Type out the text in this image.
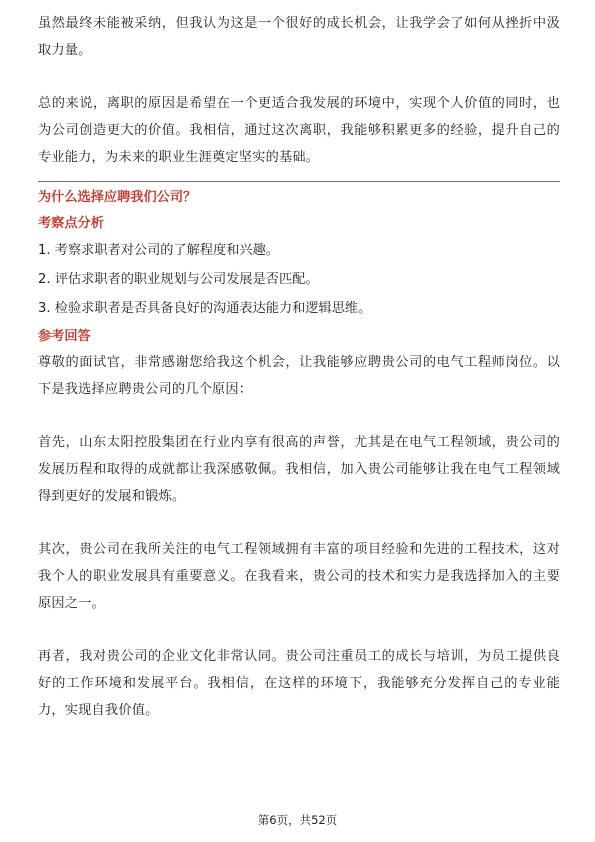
虽然最终未能被采纳，但我认为这是一个很好的成长机会，让我学会了如何从挫折中汲取力量。

总的来说，离职的原因是希望在一个更适合我发展的环境中，实现个人价值的同时，也为公司创造更大的价值。我相信，通过这次离职，我能够积累更多的经验，提升自己的专业能力，为未来的职业生涯奠定坚实的基础。

为什么选择应聘我们公司？

考察点分析

1. 考察求职者对公司的了解程度和兴趣。

2. 评估求职者的职业规划与公司发展是否匹配。

3. 检验求职者是否具备良好的沟通表达能力和逻辑思维。

参考回答

尊敬的面试官，非常感谢您给我这个机会，让我能够应聘贵公司的电气工程师岗位。以下是我选择应聘贵公司的几个原因：

首先，山东太阳控股集团在行业内享有很高的声誉，尤其是在电气工程领域，贵公司的发展历程和取得的成就都让我深感敬佩。我相信，加入贵公司能够让我在电气工程领域得到更好的发展和锻炼。

其次，贵公司在我所关注的电气工程领域拥有丰富的项目经验和先进的工程技术，这对我个人的职业发展具有重要意义。在我看来，贵公司的技术和实力是我选择加入的主要原因之一。

再者，我对贵公司的企业文化非常认同。贵公司注重员工的成长与培训，为员工提供良好的工作环境和发展平台。我相信，在这样的环境下，我能够充分发挥自己的专业能力，实现自我价值。

第6页，共52页
